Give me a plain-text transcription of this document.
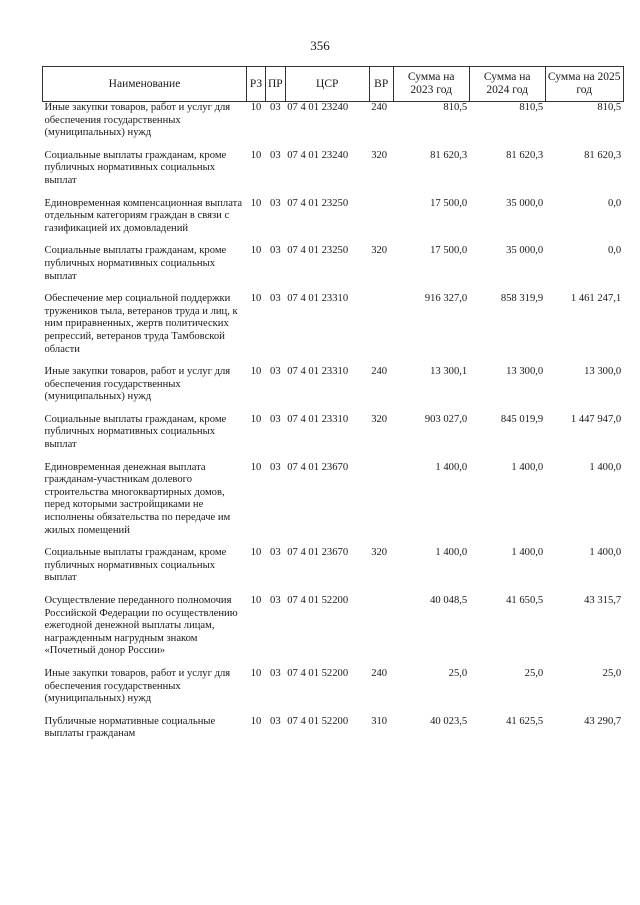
356
Наименование	РЗ	ПР	ЦСР	ВР	Сумма на 2023 год	Сумма на 2024 год	Сумма на 2025 год
Иные закупки товаров, работ и услуг для обеспечения государственных (муниципальных) нужд	10	03	07 4 01 23240	240	810,5	810,5	810,5
Социальные выплаты гражданам, кроме публичных нормативных социальных выплат	10	03	07 4 01 23240	320	81 620,3	81 620,3	81 620,3
Единовременная компенсационная выплата отдельным категориям граждан в связи с газификацией их домовладений	10	03	07 4 01 23250		17 500,0	35 000,0	0,0
Социальные выплаты гражданам, кроме публичных нормативных социальных выплат	10	03	07 4 01 23250	320	17 500,0	35 000,0	0,0
Обеспечение мер социальной поддержки тружеников тыла, ветеранов труда и лиц, к ним приравненных, жертв политических репрессий, ветеранов труда Тамбовской области	10	03	07 4 01 23310		916 327,0	858 319,9	1 461 247,1
Иные закупки товаров, работ и услуг для обеспечения государственных (муниципальных) нужд	10	03	07 4 01 23310	240	13 300,1	13 300,0	13 300,0
Социальные выплаты гражданам, кроме публичных нормативных социальных выплат	10	03	07 4 01 23310	320	903 027,0	845 019,9	1 447 947,0
Единовременная денежная выплата гражданам-участникам долевого строительства многоквартирных домов, перед которыми застройщиками не исполнены обязательства по передаче им жилых помещений	10	03	07 4 01 23670		1 400,0	1 400,0	1 400,0
Социальные выплаты гражданам, кроме публичных нормативных социальных выплат	10	03	07 4 01 23670	320	1 400,0	1 400,0	1 400,0
Осуществление переданного полномочия Российской Федерации по осуществлению ежегодной денежной выплаты лицам, награжденным нагрудным знаком «Почетный донор России»	10	03	07 4 01 52200		40 048,5	41 650,5	43 315,7
Иные закупки товаров, работ и услуг для обеспечения государственных (муниципальных) нужд	10	03	07 4 01 52200	240	25,0	25,0	25,0
Публичные нормативные социальные выплаты гражданам	10	03	07 4 01 52200	310	40 023,5	41 625,5	43 290,7
